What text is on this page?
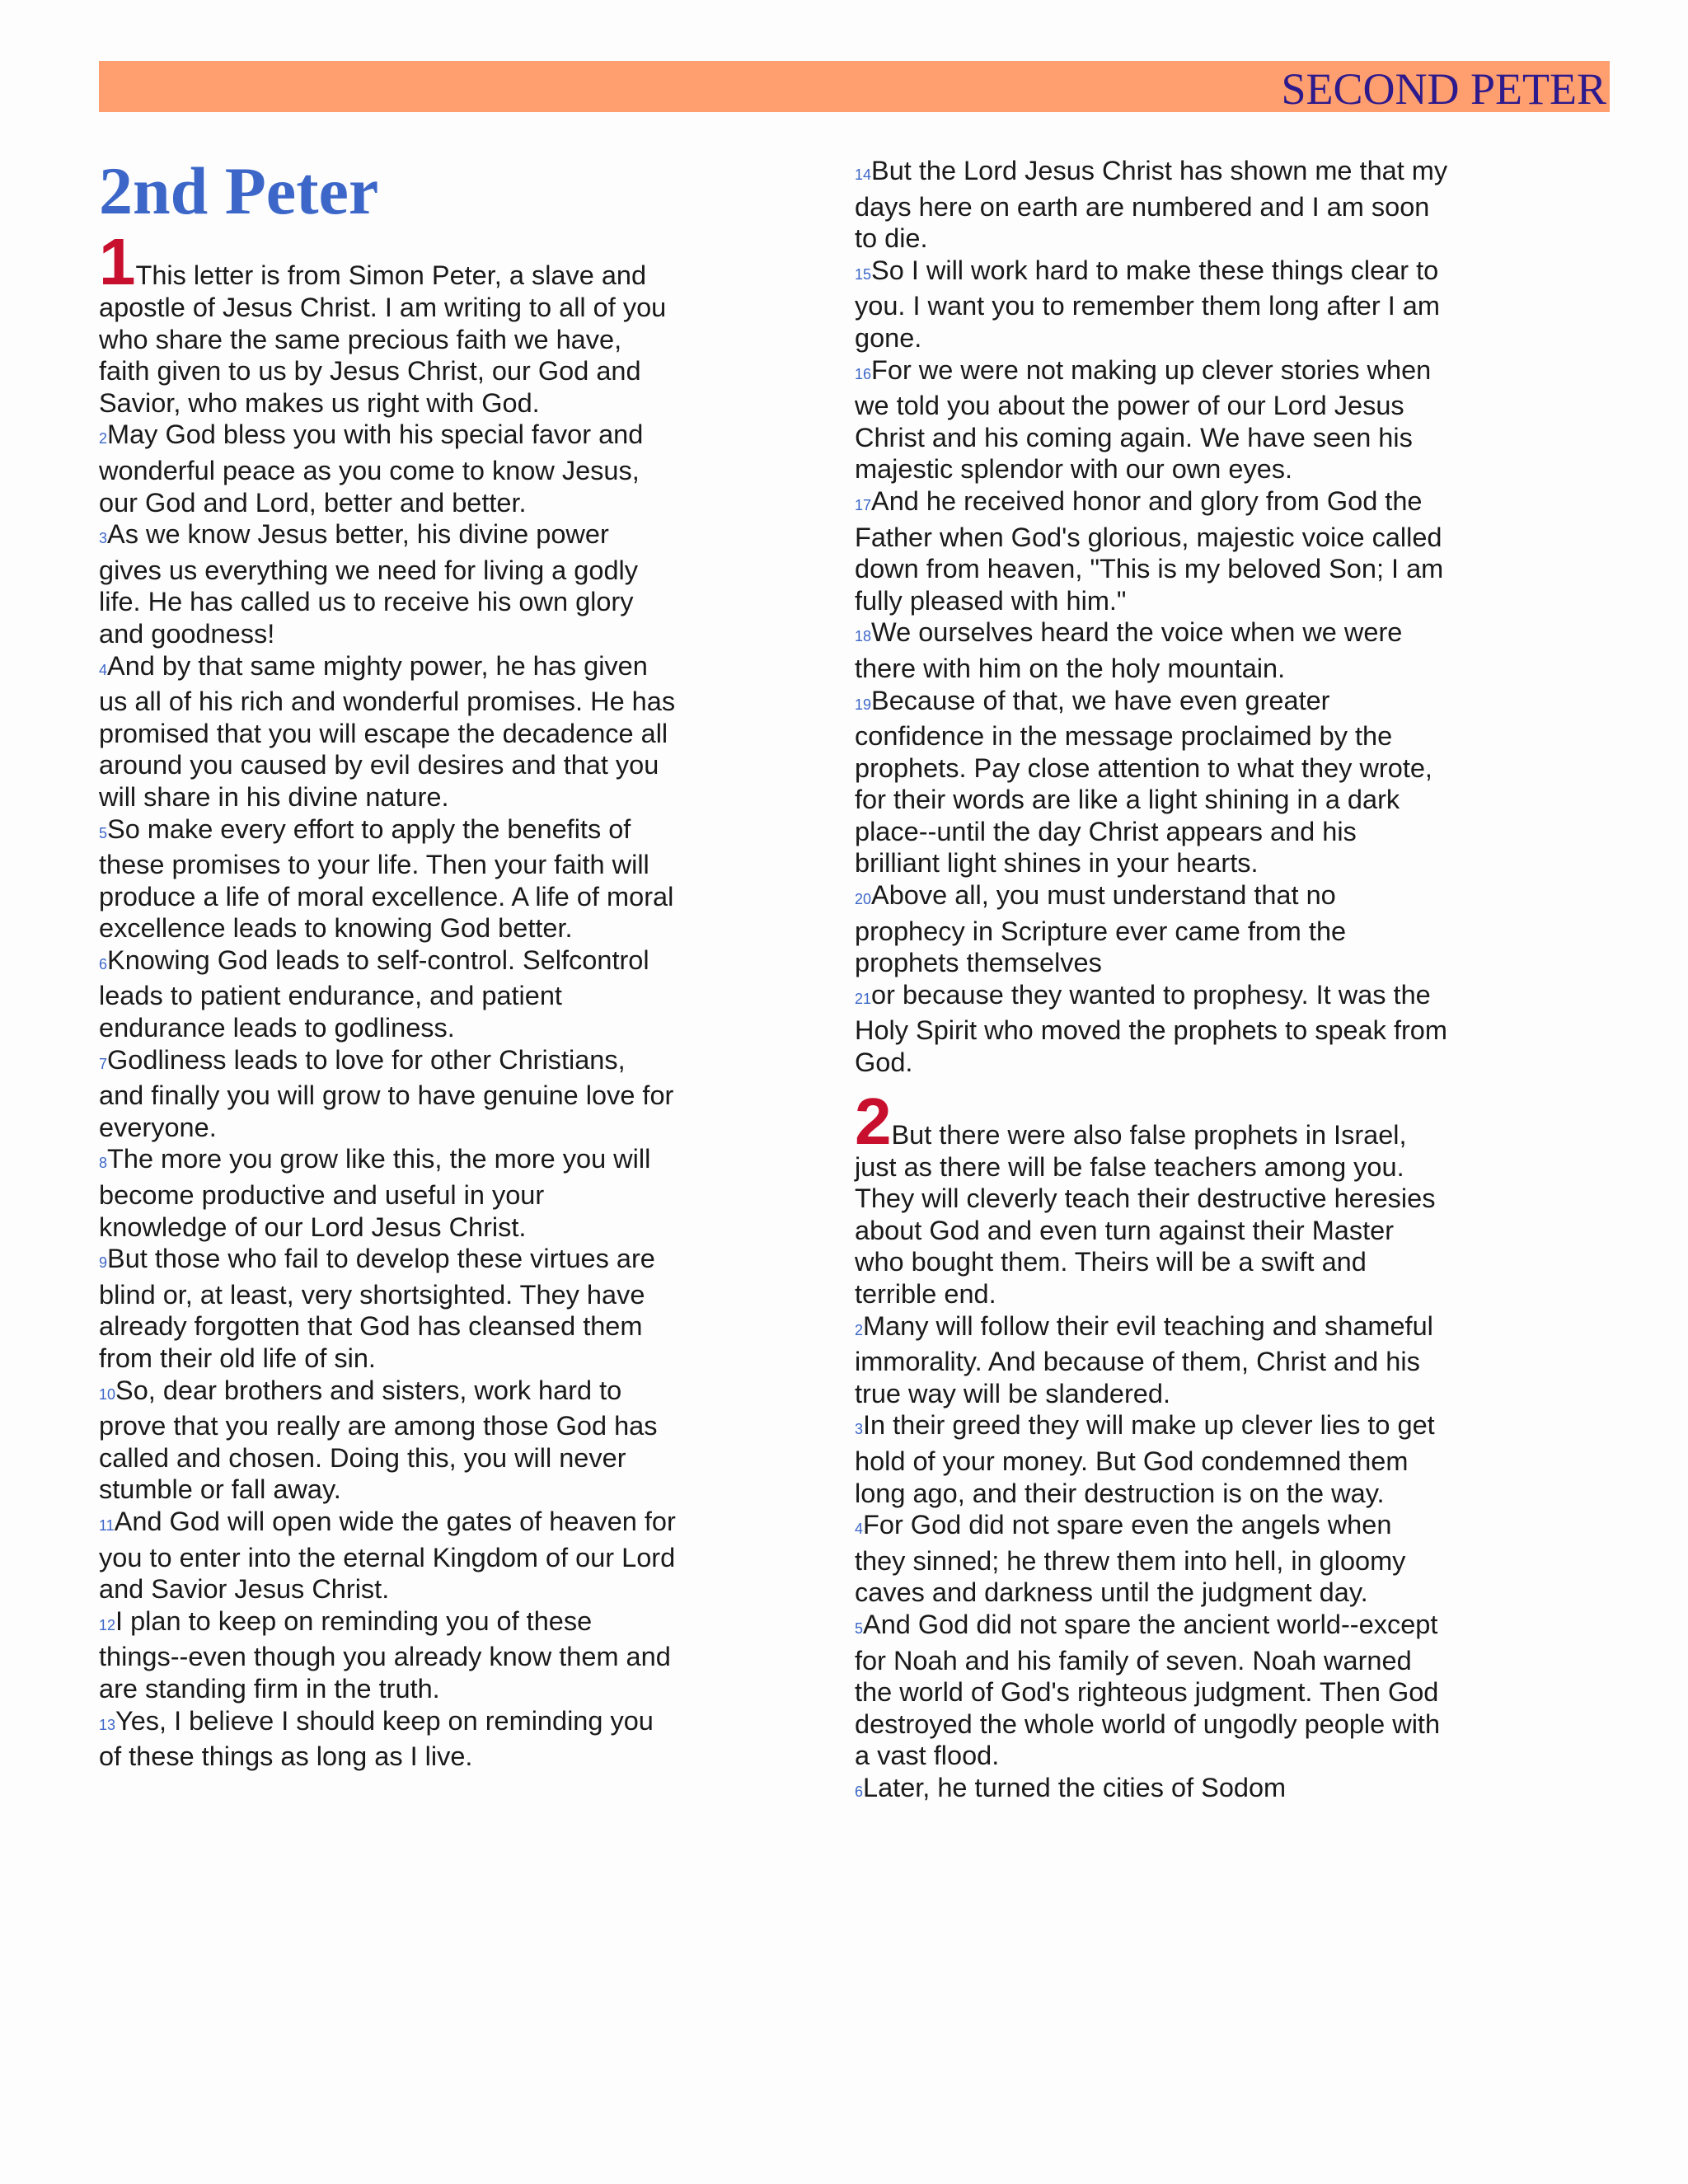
SECOND PETER
2nd Peter

1This letter is from Simon Peter, a slave and apostle of Jesus Christ. I am writing to all of you who share the same precious faith we have, faith given to us by Jesus Christ, our God and Savior, who makes us right with God.

2May God bless you with his special favor and wonderful peace as you come to know Jesus, our God and Lord, better and better.

3As we know Jesus better, his divine power gives us everything we need for living a godly life. He has called us to receive his own glory and goodness!

4And by that same mighty power, he has given us all of his rich and wonderful promises. He has promised that you will escape the decadence all around you caused by evil desires and that you will share in his divine nature.

5So make every effort to apply the benefits of these promises to your life. Then your faith will produce a life of moral excellence. A life of moral excellence leads to knowing God better.

6Knowing God leads to self-control. Selfcontrol leads to patient endurance, and patient endurance leads to godliness.

7Godliness leads to love for other Christians, and finally you will grow to have genuine love for everyone.

8The more you grow like this, the more you will become productive and useful in your knowledge of our Lord Jesus Christ.

9But those who fail to develop these virtues are blind or, at least, very shortsighted. They have already forgotten that God has cleansed them from their old life of sin.

10So, dear brothers and sisters, work hard to prove that you really are among those God has called and chosen. Doing this, you will never stumble or fall away.

11And God will open wide the gates of heaven for you to enter into the eternal Kingdom of our Lord and Savior Jesus Christ.

12I plan to keep on reminding you of these things--even though you already know them and are standing firm in the truth.

13Yes, I believe I should keep on reminding you of these things as long as I live.

14But the Lord Jesus Christ has shown me that my days here on earth are numbered and I am soon to die.

15So I will work hard to make these things clear to you. I want you to remember them long after I am gone.

16For we were not making up clever stories when we told you about the power of our Lord Jesus Christ and his coming again. We have seen his majestic splendor with our own eyes.

17And he received honor and glory from God the Father when God's glorious, majestic voice called down from heaven, "This is my beloved Son; I am fully pleased with him."

18We ourselves heard the voice when we were there with him on the holy mountain.

19Because of that, we have even greater confidence in the message proclaimed by the prophets. Pay close attention to what they wrote, for their words are like a light shining in a dark place--until the day Christ appears and his brilliant light shines in your hearts.

20Above all, you must understand that no prophecy in Scripture ever came from the prophets themselves

21or because they wanted to prophesy. It was the Holy Spirit who moved the prophets to speak from God.

2But there were also false prophets in Israel, just as there will be false teachers among you. They will cleverly teach their destructive heresies about God and even turn against their Master who bought them. Theirs will be a swift and terrible end.

2Many will follow their evil teaching and shameful immorality. And because of them, Christ and his true way will be slandered.

3In their greed they will make up clever lies to get hold of your money. But God condemned them long ago, and their destruction is on the way.

4For God did not spare even the angels when they sinned; he threw them into hell, in gloomy caves and darkness until the judgment day.

5And God did not spare the ancient world--except for Noah and his family of seven. Noah warned the world of God's righteous judgment. Then God destroyed the whole world of ungodly people with a vast flood.

6Later, he turned the cities of Sodom
